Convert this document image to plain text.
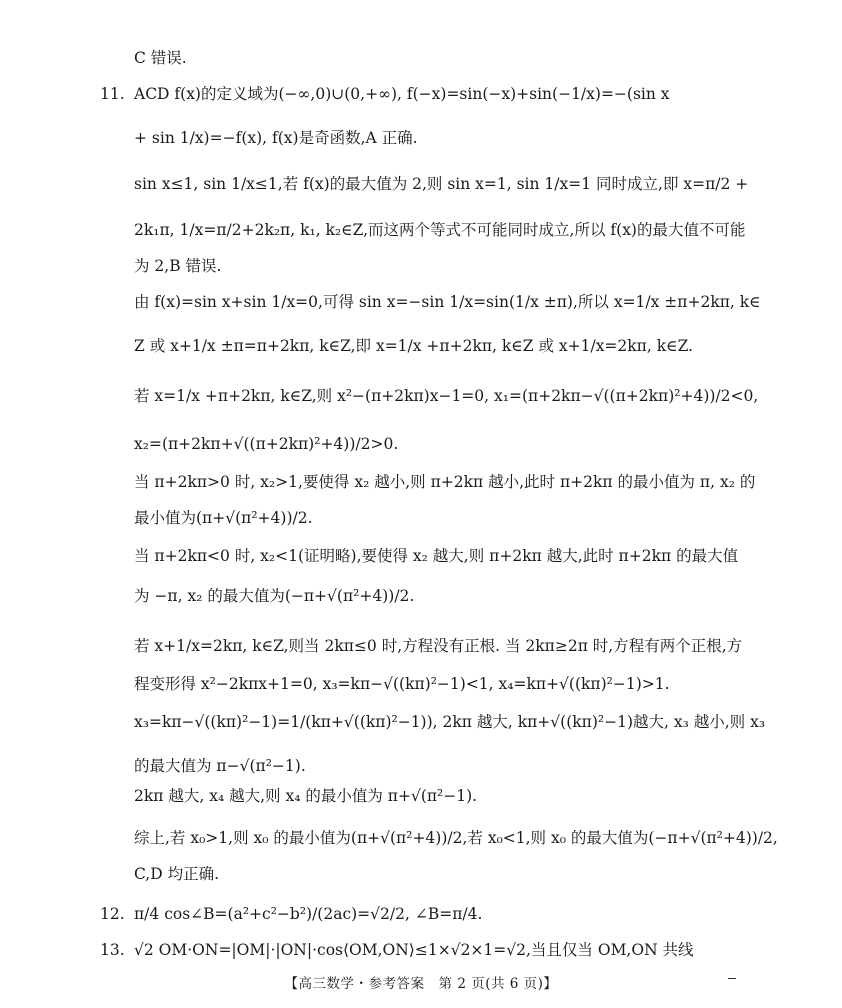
C 错误.
11. ACD f(x)的定义域为(−∞,0)∪(0,+∞), f(−x)=sin(−x)+sin(−1/x)=−(sin x
+ sin 1/x)=−f(x), f(x)是奇函数,A 正确.
sin x≤1, sin 1/x≤1,若 f(x)的最大值为 2,则 sin x=1, sin 1/x=1 同时成立,即 x=π/2 +
2k₁π, 1/x=π/2+2k₂π, k₁, k₂∈Z,而这两个等式不可能同时成立,所以 f(x)的最大值不可能
为 2,B 错误.
由 f(x)=sin x+sin 1/x=0,可得 sin x=−sin 1/x=sin(1/x ±π),所以 x=1/x ±π+2kπ, k∈
Z 或 x+1/x ±π=π+2kπ, k∈Z,即 x=1/x +π+2kπ, k∈Z 或 x+1/x=2kπ, k∈Z.
若 x=1/x +π+2kπ, k∈Z,则 x²−(π+2kπ)x−1=0, x₁=(π+2kπ−√((π+2kπ)²+4))/2<0,
x₂=(π+2kπ+√((π+2kπ)²+4))/2>0.
当 π+2kπ>0 时, x₂>1,要使得 x₂ 越小,则 π+2kπ 越小,此时 π+2kπ 的最小值为 π, x₂ 的
最小值为(π+√(π²+4))/2.
当 π+2kπ<0 时, x₂<1(证明略),要使得 x₂ 越大,则 π+2kπ 越大,此时 π+2kπ 的最大值
为 −π, x₂ 的最大值为(−π+√(π²+4))/2.
若 x+1/x=2kπ, k∈Z,则当 2kπ≤0 时,方程没有正根. 当 2kπ≥2π 时,方程有两个正根,方
程变形得 x²−2kπx+1=0, x₃=kπ−√((kπ)²−1)<1, x₄=kπ+√((kπ)²−1)>1.
x₃=kπ−√((kπ)²−1)=1/(kπ+√((kπ)²−1)), 2kπ 越大, kπ+√((kπ)²−1)越大, x₃ 越小,则 x₃
的最大值为 π−√(π²−1).
2kπ 越大, x₄ 越大,则 x₄ 的最小值为 π+√(π²−1).
综上,若 x₀>1,则 x₀ 的最小值为(π+√(π²+4))/2,若 x₀<1,则 x₀ 的最大值为(−π+√(π²+4))/2,
C,D 均正确.
12. π/4 cos∠B=(a²+c²−b²)/(2ac)=√2/2, ∠B=π/4.
13. √2 OM·ON=|OM|·|ON|·cos⟨OM,ON⟩≤1×√2×1=√2,当且仅当 OM,ON 共线
【高三数学・参考答案　第 2 页(共 6 页)】
